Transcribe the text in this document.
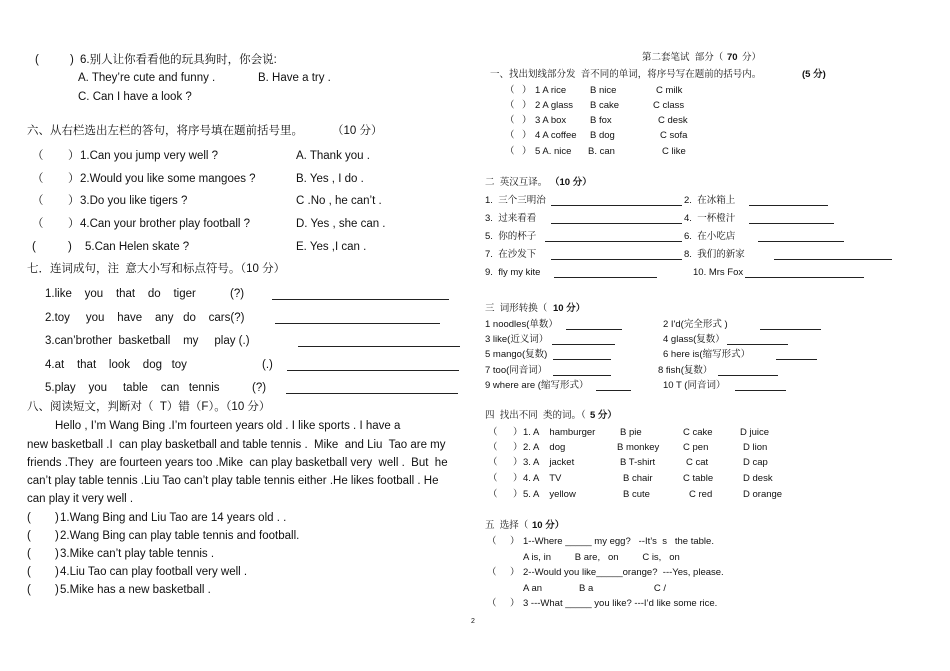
(	) 6.别人让你看看他的玩具狗时，你会说:
A. They’re cute and funny .	B. Have a try .
C. Can I have a look ?
六、从右栏选出左栏的答句，将序号填在题前括号里。	（10 分）
（ ） 1.Can you jump very well ?	A. Thank you .
（ ） 2.Would you like some mangoes ?	B. Yes , I do .
（ ） 3.Do you like tigers ?	C .No , he can’t .
（ ） 4.Can your brother play football ?	D. Yes , she can .
(	) 5.Can Helen skate ?	E. Yes ,I can .
七．连词成句，注  意大小写和标点符号。（10 分）
1.like    you    that    do    tiger	(?)
2.toy     you    have    any   do    cars(?)
3.can’brother  basketball    my     play (.)
4.at    that    look    dog   toy	(.)
5.play    you     table    can   tennis	(?)
八、阅读短文，判断对（  T）错（F）。（10 分）
Hello , I’m Wang Bing .I’m fourteen years old . I like sports . I have a
new basketball .I  can play basketball and table tennis .  Mike  and Liu  Tao are my
friends .They  are fourteen years too .Mike  can play basketball very  well .  But  he
can’t play table tennis .Liu Tao can’t play table tennis either .He likes football . He
can play it very well .
( ) 1.Wang Bing and Liu Tao are 14 years old . .
( ) 2.Wang Bing can play table tennis and football.
( ) 3.Mike can’t play table tennis .
( ) 4.Liu Tao can play football very well .
( ) 5.Mike has a new basketball .
第二套笔试  部分（ 70 分）
一、找出划线部分发  音不同的单词，将序号写在题前的括号内。	(5 分)
（ ） 1 A rice	B nice	C milk
（ ） 2 A glass B cake	C class
（ ） 3 A box	B fox	C desk
（ ） 4 A coffee B dog	C sofa
（ ） 5 A. nice B. can	C like
二  英汉互译。 （10 分）
1.  三个三明治	2.  在冰箱上
3.  过来看看	4.  一杯橙汁
5.  你的杯子	6.  在小吃店
7.  在沙发下	8.  我们的新家
9.  fly my kite	10. Mrs Fox
三  词形转换（ 10 分）
1 noodles(单数）	2 I'd(完全形式 )
3 like(近义词）	4 glass(复数）
5 mango(复数)	6 here is(缩写形式）
7 too(同音词）	8 fish(复数）
9 where are (缩写形式）	10 T (同音词）
四  找出不同  类的词。（ 5 分）
（ ） 1. A    hamburger	B pie	C cake	D juice
（ ） 2. A    dog	B monkey	C pen	D lion
（ ） 3. A    jacket	B T-shirt	C cat	D cap
（ ） 4. A    TV	B chair	C table	D desk
（ ） 5. A    yellow	B cute	C red	D orange
五  选择（ 10 分）
（ ） 1--Where _____ my egg?   --It’s  s   the table.
A is, in         B are,   on         C is,   on
（ ） 2--Would you like_____orange?  ---Yes, please.
A an              B a                       C /
（ ） 3 ---What _____ you like? ---I’d like some rice.
2
